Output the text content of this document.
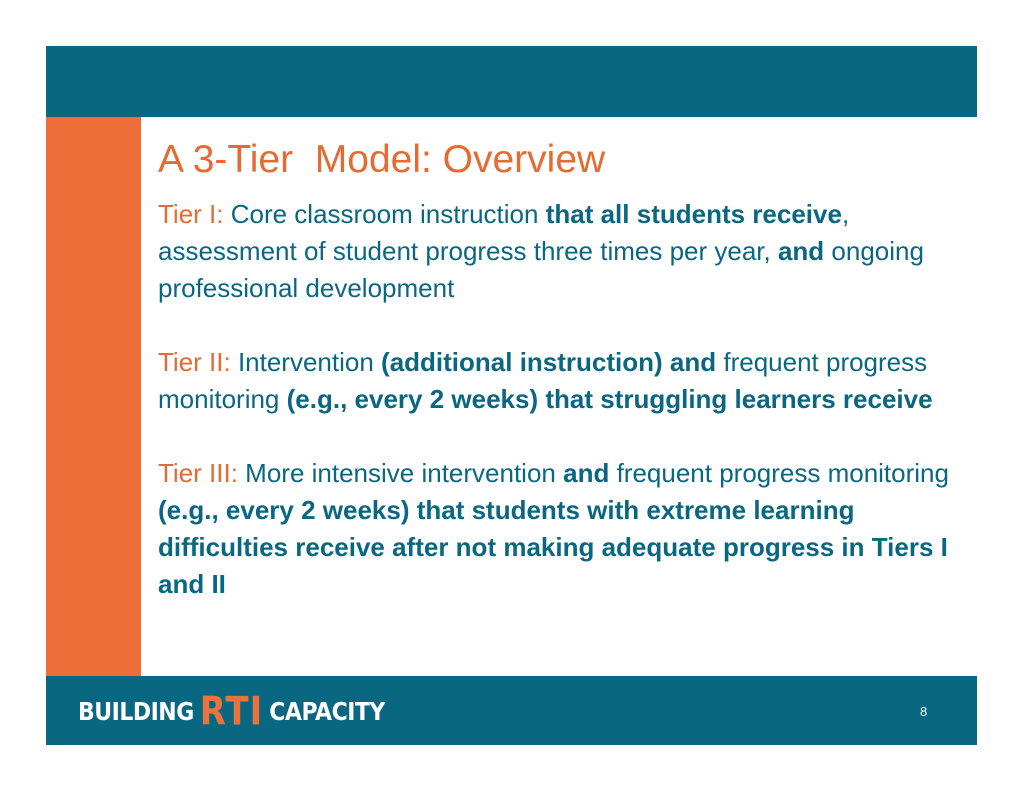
A 3-Tier  Model: Overview

Tier I: Core classroom instruction that all students receive, assessment of student progress three times per year, and ongoing professional development

Tier II: Intervention (additional instruction) and frequent progress monitoring (e.g., every 2 weeks) that struggling learners receive

Tier III: More intensive intervention and frequent progress monitoring (e.g., every 2 weeks) that students with extreme learning difficulties receive after not making adequate progress in Tiers I and II

BUILDING RTI CAPACITY	8
